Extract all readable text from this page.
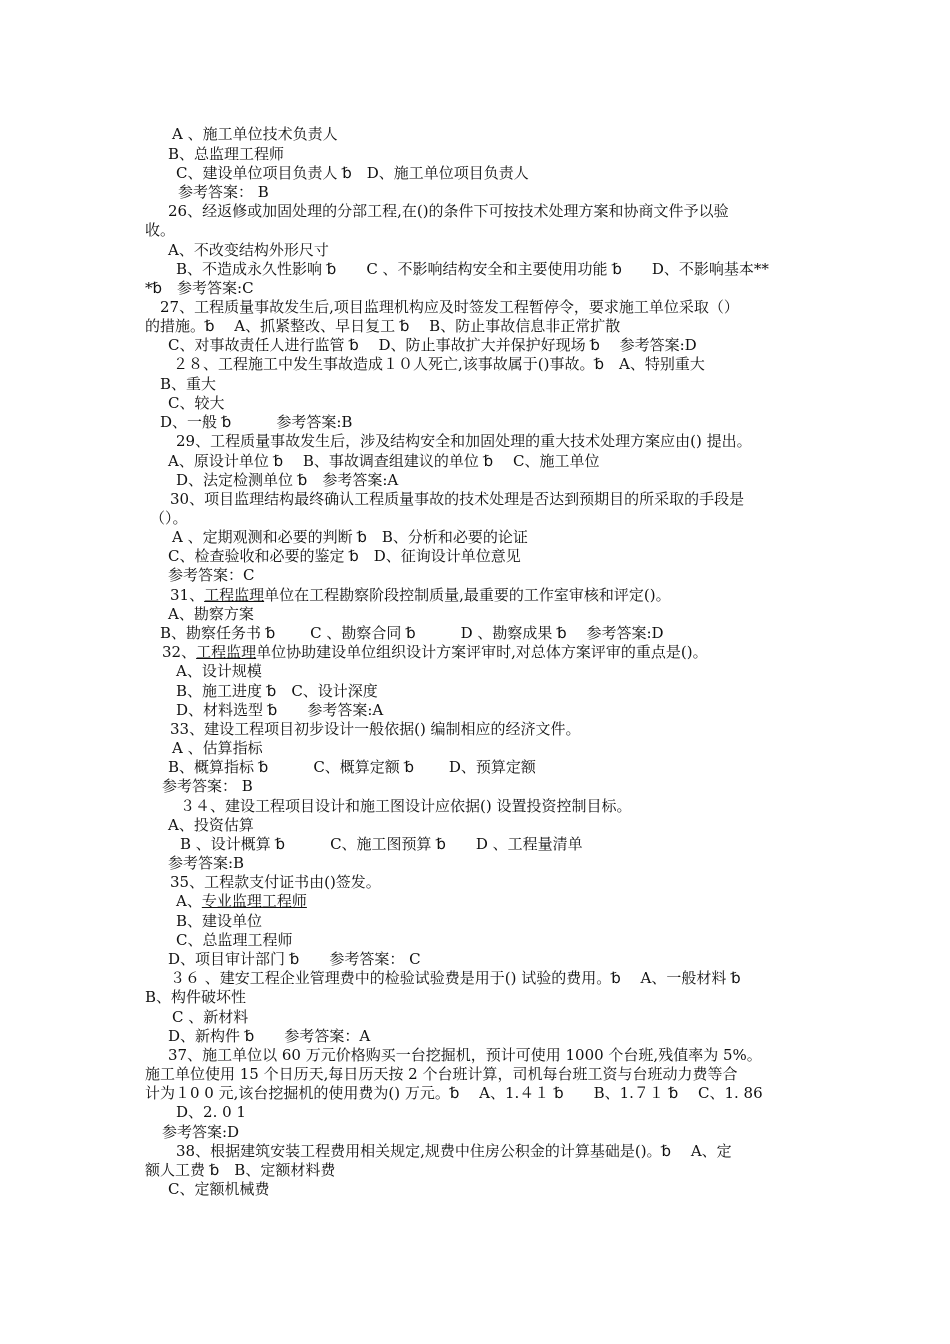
A 、施工单位技术负责人
B、总监理工程师
C、建设单位项目负责人 ␢　D、施工单位项目负责人
参考答案： B
26、经返修或加固处理的分部工程,在()的条件下可按技术处理方案和协商文件予以验
收。
A、不改变结构外形尺寸
B、不造成永久性影响 ␢　　C 、不影响结构安全和主要使用功能 ␢　　D、不影响基本**
*␢　参考答案:C
27、工程质量事故发生后,项目监理机构应及时签发工程暂停令，要求施工单位采取（）
的措施。␢　 A、抓紧整改、早日复工 ␢　 B、防止事故信息非正常扩散
C、对事故责任人进行监管 ␢　 D、防止事故扩大并保护好现场 ␢　 参考答案:D
２８、工程施工中发生事故造成１０人死亡,该事故属于()事故。␢　A、特别重大
B、重大
C、较大
D、一般 ␢　　　参考答案:B
29、工程质量事故发生后，涉及结构安全和加固处理的重大技术处理方案应由() 提出。
A、原设计单位 ␢　 B、事故调查组建议的单位 ␢　 C、施工单位
D、法定检测单位 ␢　参考答案:A
30、项目监理结构最终确认工程质量事故的技术处理是否达到预期目的所采取的手段是
（）。
A 、定期观测和必要的判断 ␢　B、分析和必要的论证
C、检查验收和必要的鉴定 ␢　D、征询设计单位意见
参考答案：C
31、工程监理单位在工程勘察阶段控制质量,最重要的工作室审核和评定()。
A、勘察方案
B、勘察任务书 ␢　　 C 、勘察合同 ␢　　　D 、勘察成果 ␢　 参考答案:D
32、工程监理单位协助建设单位组织设计方案评审时,对总体方案评审的重点是()。
A、设计规模
B、施工进度 ␢　C、设计深度
D、材料选型 ␢　　参考答案:A
33、建设工程项目初步设计一般依据() 编制相应的经济文件。
A 、估算指标
B、概算指标 ␢　　　C、概算定额 ␢　　 D、预算定额
参考答案： B
３４、建设工程项目设计和施工图设计应依据() 设置投资控制目标。
A、投资估算
B 、设计概算 ␢　　　C、施工图预算 ␢　　D 、工程量清单
参考答案:B
35、工程款支付证书由()签发。
A、专业监理工程师
B、建设单位
C、总监理工程师
D、项目审计部门 ␢　　参考答案： C
３６ 、建安工程企业管理费中的检验试验费是用于() 试验的费用。␢　 A、一般材料 ␢
B、构件破坏性
C 、新材料
D、新构件 ␢　　参考答案：A
37、施工单位以 60 万元价格购买一台挖掘机，预计可使用 1000 个台班,残值率为 5%。
施工单位使用 15 个日历天,每日历天按 2 个台班计算，司机每台班工资与台班动力费等合
计为１0 0 元,该台挖掘机的使用费为() 万元。␢　 A、1.４１ ␢　　B、1.７１ ␢　 C、1. 86
D、2. 0 1
参考答案:D
38、根据建筑安装工程费用相关规定,规费中住房公积金的计算基础是()。␢　 A、定
额人工费 ␢　B、定额材料费
C、定额机械费
